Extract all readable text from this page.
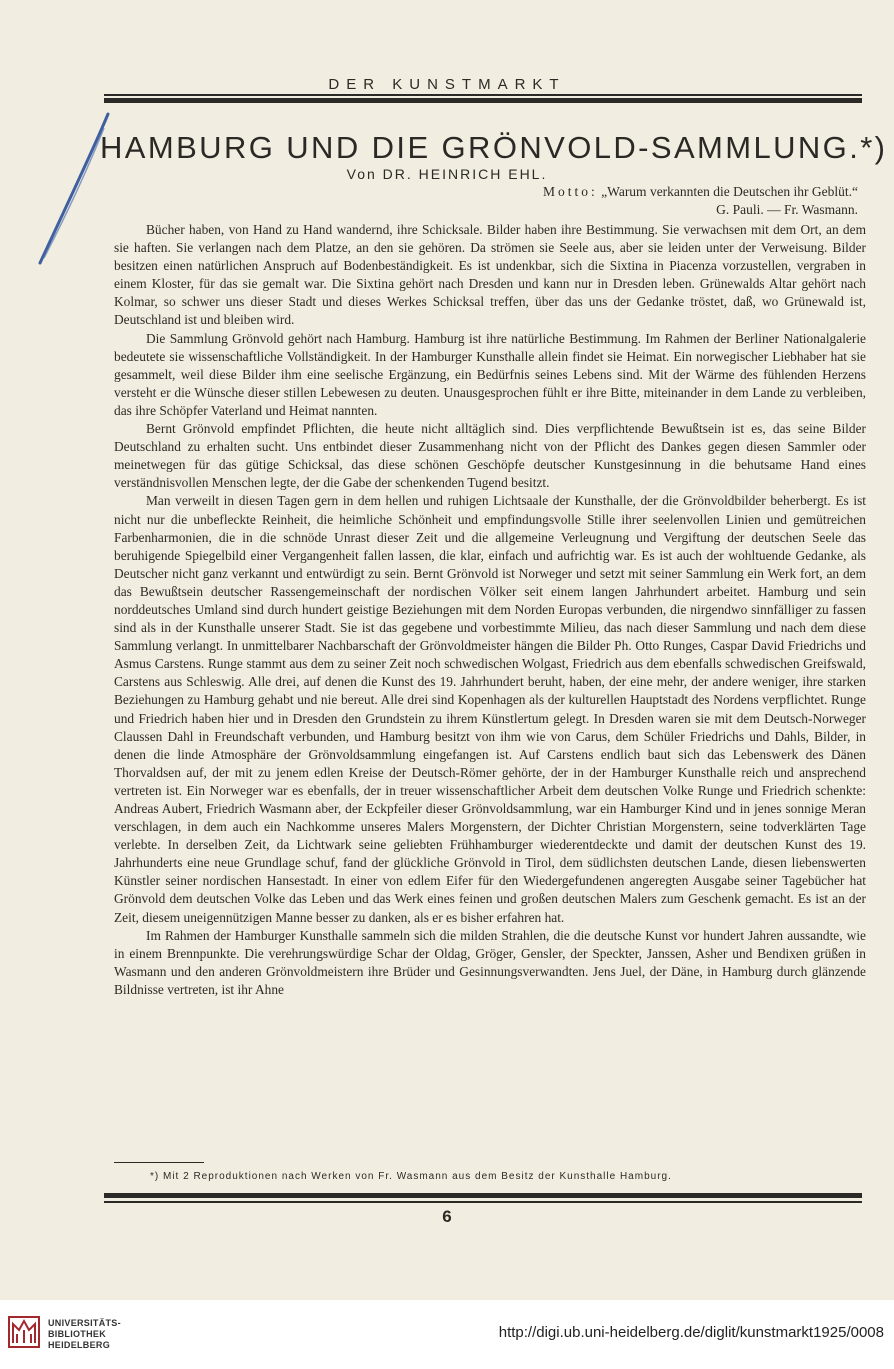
DER KUNSTMARKT
HAMBURG UND DIE GRÖNVOLD-SAMMLUNG.*)
Von DR. HEINRICH EHL.
Motto: „Warum verkannten die Deutschen ihr Geblüt.“
G. Pauli. — Fr. Wasmann.

Bücher haben, von Hand zu Hand wandernd, ihre Schicksale. Bilder haben ihre Bestimmung. Sie verwachsen mit dem Ort, an dem sie haften. Sie verlangen nach dem Platze, an den sie gehören. Da strömen sie Seele aus, aber sie leiden unter der Verweisung. Bilder besitzen einen natürlichen Anspruch auf Bodenbeständigkeit. Es ist undenkbar, sich die Sixtina in Piacenza vorzustellen, vergraben in einem Kloster, für das sie gemalt war. Die Sixtina gehört nach Dresden und kann nur in Dresden leben. Grünewalds Altar gehört nach Kolmar, so schwer uns dieser Stadt und dieses Werkes Schicksal treffen, über das uns der Gedanke tröstet, daß, wo Grünewald ist, Deutschland ist und bleiben wird.

Die Sammlung Grönvold gehört nach Hamburg. Hamburg ist ihre natürliche Bestimmung. Im Rahmen der Berliner Nationalgalerie bedeutete sie wissenschaftliche Vollständigkeit. In der Hamburger Kunsthalle allein findet sie Heimat. Ein norwegischer Liebhaber hat sie gesammelt, weil diese Bilder ihm eine seelische Ergänzung, ein Bedürfnis seines Lebens sind. Mit der Wärme des fühlenden Herzens versteht er die Wünsche dieser stillen Lebewesen zu deuten. Unausgesprochen fühlt er ihre Bitte, miteinander in dem Lande zu verbleiben, das ihre Schöpfer Vaterland und Heimat nannten.

Bernt Grönvold empfindet Pflichten, die heute nicht alltäglich sind. Dies verpflichtende Bewußtsein ist es, das seine Bilder Deutschland zu erhalten sucht. Uns entbindet dieser Zusammenhang nicht von der Pflicht des Dankes gegen diesen Sammler oder meinetwegen für das gütige Schicksal, das diese schönen Geschöpfe deutscher Kunstgesinnung in die behutsame Hand eines verständnisvollen Menschen legte, der die Gabe der schenkenden Tugend besitzt.

Man verweilt in diesen Tagen gern in dem hellen und ruhigen Lichtsaale der Kunsthalle, der die Grönvoldbilder beherbergt. Es ist nicht nur die unbefleckte Reinheit, die heimliche Schönheit und empfindungsvolle Stille ihrer seelenvollen Linien und gemütreichen Farbenharmonien, die in die schnöde Unrast dieser Zeit und die allgemeine Verleugnung und Vergiftung der deutschen Seele das beruhigende Spiegelbild einer Vergangenheit fallen lassen, die klar, einfach und aufrichtig war. Es ist auch der wohltuende Gedanke, als Deutscher nicht ganz verkannt und entwürdigt zu sein. Bernt Grönvold ist Norweger und setzt mit seiner Sammlung ein Werk fort, an dem das Bewußtsein deutscher Rassengemeinschaft der nordischen Völker seit einem langen Jahrhundert arbeitet. Hamburg und sein norddeutsches Umland sind durch hundert geistige Beziehungen mit dem Norden Europas verbunden, die nirgendwo sinnfälliger zu fassen sind als in der Kunsthalle unserer Stadt. Sie ist das gegebene und vorbestimmte Milieu, das nach dieser Sammlung und nach dem diese Sammlung verlangt. In unmittelbarer Nachbarschaft der Grönvoldmeister hängen die Bilder Ph. Otto Runges, Caspar David Friedrichs und Asmus Carstens. Runge stammt aus dem zu seiner Zeit noch schwedischen Wolgast, Friedrich aus dem ebenfalls schwedischen Greifswald, Carstens aus Schleswig. Alle drei, auf denen die Kunst des 19. Jahrhundert beruht, haben, der eine mehr, der andere weniger, ihre starken Beziehungen zu Hamburg gehabt und nie bereut. Alle drei sind Kopenhagen als der kulturellen Hauptstadt des Nordens verpflichtet. Runge und Friedrich haben hier und in Dresden den Grundstein zu ihrem Künstlertum gelegt. In Dresden waren sie mit dem Deutsch-Norweger Claussen Dahl in Freundschaft verbunden, und Hamburg besitzt von ihm wie von Carus, dem Schüler Friedrichs und Dahls, Bilder, in denen die linde Atmosphäre der Grönvoldsammlung eingefangen ist. Auf Carstens endlich baut sich das Lebenswerk des Dänen Thorvaldsen auf, der mit zu jenem edlen Kreise der Deutsch-Römer gehörte, der in der Hamburger Kunsthalle reich und ansprechend vertreten ist. Ein Norweger war es ebenfalls, der in treuer wissenschaftlicher Arbeit dem deutschen Volke Runge und Friedrich schenkte: Andreas Aubert, Friedrich Wasmann aber, der Eckpfeiler dieser Grönvoldsammlung, war ein Hamburger Kind und in jenes sonnige Meran verschlagen, in dem auch ein Nachkomme unseres Malers Morgenstern, der Dichter Christian Morgenstern, seine todverklärten Tage verlebte. In derselben Zeit, da Lichtwark seine geliebten Frühhamburger wiederentdeckte und damit der deutschen Kunst des 19. Jahrhunderts eine neue Grundlage schuf, fand der glückliche Grönvold in Tirol, dem südlichsten deutschen Lande, diesen liebenswerten Künstler seiner nordischen Hansestadt. In einer von edlem Eifer für den Wiedergefundenen angeregten Ausgabe seiner Tagebücher hat Grönvold dem deutschen Volke das Leben und das Werk eines feinen und großen deutschen Malers zum Geschenk gemacht. Es ist an der Zeit, diesem uneigennützigen Manne besser zu danken, als er es bisher erfahren hat.

Im Rahmen der Hamburger Kunsthalle sammeln sich die milden Strahlen, die die deutsche Kunst vor hundert Jahren aussandte, wie in einem Brennpunkte. Die verehrungswürdige Schar der Oldag, Gröger, Gensler, der Speckter, Janssen, Asher und Bendixen grüßen in Wasmann und den anderen Grönvoldmeistern ihre Brüder und Gesinnungsverwandten. Jens Juel, der Däne, in Hamburg durch glänzende Bildnisse vertreten, ist ihr Ahne

*) Mit 2 Reproduktionen nach Werken von Fr. Wasmann aus dem Besitz der Kunsthalle Hamburg.
6
UNIVERSITÄTS-
BIBLIOTHEK
HEIDELBERG
http://digi.ub.uni-heidelberg.de/diglit/kunstmarkt1925/0008
